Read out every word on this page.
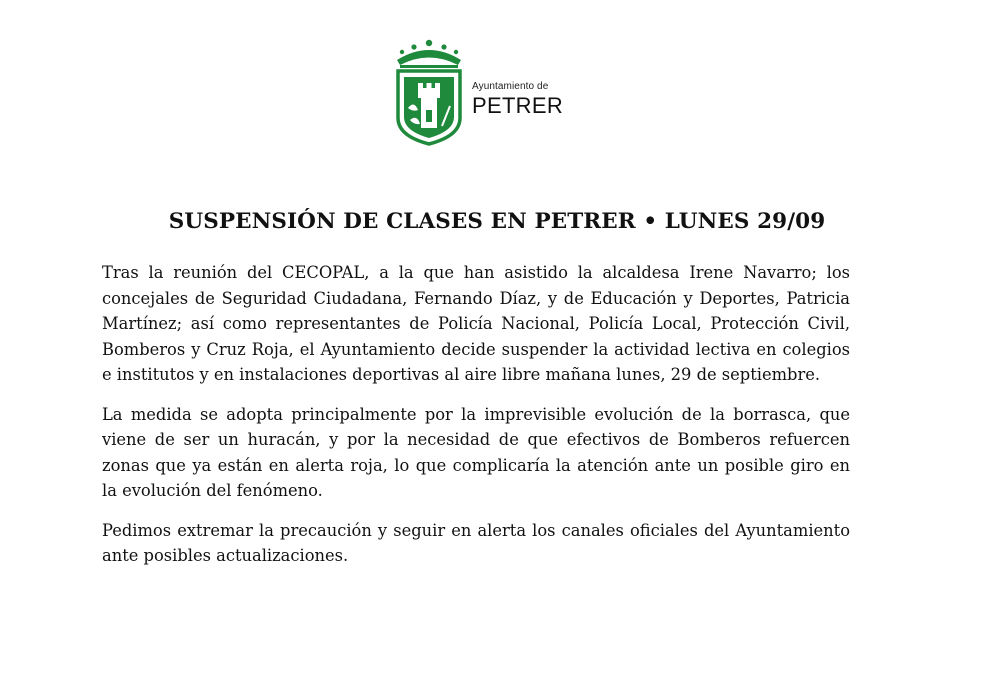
Ayuntamiento de
PETRER
SUSPENSIÓN DE CLASES EN PETRER • LUNES 29/09

Tras la reunión del CECOPAL, a la que han asistido la alcaldesa Irene Navarro; los concejales de Seguridad Ciudadana, Fernando Díaz, y de Educación y Deportes, Patricia Martínez; así como representantes de Policía Nacional, Policía Local, Protección Civil, Bomberos y Cruz Roja, el Ayuntamiento decide suspender la actividad lectiva en colegios e institutos y en instalaciones deportivas al aire libre mañana lunes, 29 de septiembre.

La medida se adopta principalmente por la imprevisible evolución de la borrasca, que viene de ser un huracán, y por la necesidad de que efectivos de Bomberos refuercen zonas que ya están en alerta roja, lo que complicaría la atención ante un posible giro en la evolución del fenómeno.

Pedimos extremar la precaución y seguir en alerta los canales oficiales del Ayuntamiento ante posibles actualizaciones.
